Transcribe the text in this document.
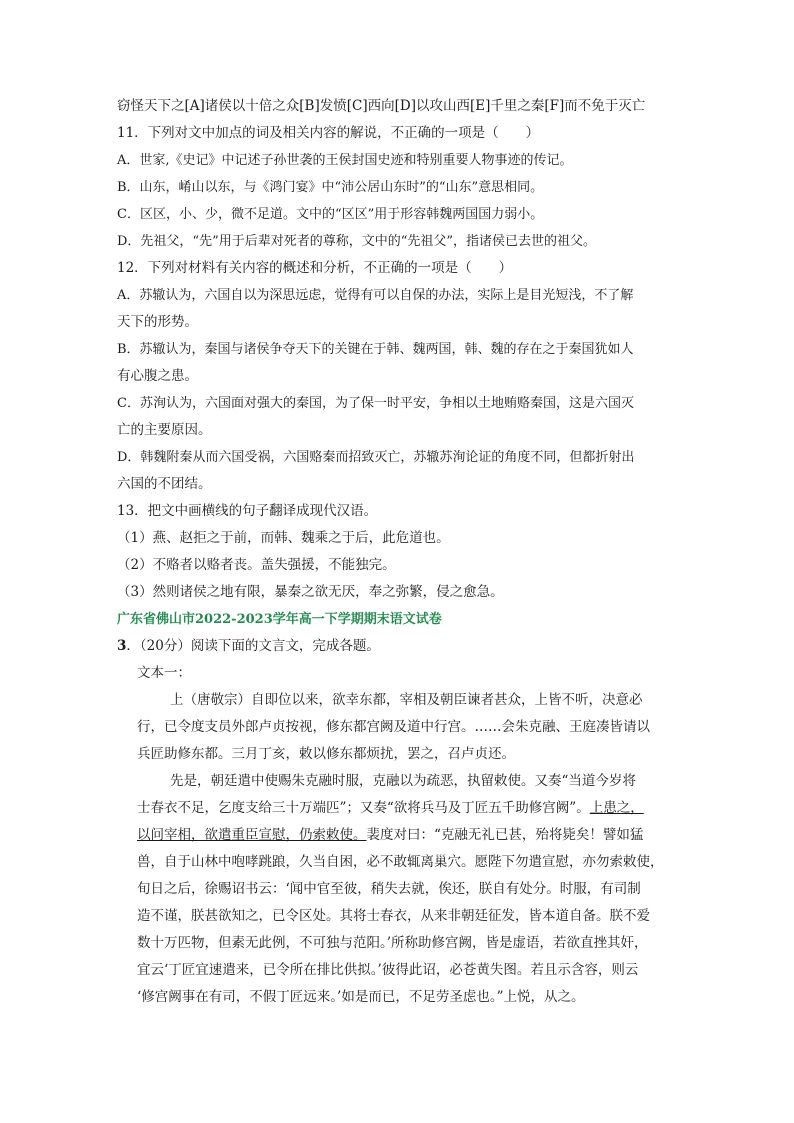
窃怪天下之[A]诸侯以十倍之众[B]发愤[C]西向[D]以攻山西[E]千里之秦[F]而不免于灭亡
11．下列对文中加点的词及相关内容的解说，不正确的一项是（　　）
A．世家,《史记》中记述子孙世袭的王侯封国史迹和特别重要人物事迹的传记。
B．山东，崤山以东，与《鸿门宴》中“沛公居山东时”的“山东”意思相同。
C．区区，小、少，微不足道。文中的“区区”用于形容韩魏两国国力弱小。
D．先祖父，“先”用于后辈对死者的尊称，文中的“先祖父”，指诸侯已去世的祖父。
12．下列对材料有关内容的概述和分析，不正确的一项是（　　）
A．苏辙认为，六国自以为深思远虑，觉得有可以自保的办法，实际上是目光短浅，不了解
天下的形势。
B．苏辙认为，秦国与诸侯争夺天下的关键在于韩、魏两国，韩、魏的存在之于秦国犹如人
有心腹之患。
C．苏洵认为，六国面对强大的秦国，为了保一时平安，争相以土地贿赂秦国，这是六国灭
亡的主要原因。
D．韩魏附秦从而六国受祸，六国赂秦而招致灭亡，苏辙苏洵论证的角度不同，但都折射出
六国的不团结。
13．把文中画横线的句子翻译成现代汉语。
（1）燕、赵拒之于前，而韩、魏乘之于后，此危道也。
（2）不赂者以赂者丧。盖失强援，不能独完。
（3）然则诸侯之地有限，暴秦之欲无厌，奉之弥繁，侵之愈急。
广东省佛山市2022-2023学年高一下学期期末语文试卷
3．（20分）阅读下面的文言文，完成各题。
文本一：
上（唐敬宗）自即位以来，欲幸东都，宰相及朝臣谏者甚众，上皆不听，决意必
行，已令度支员外郎卢贞按视，修东都宫阙及道中行宫。……会朱克融、王庭凑皆请以
兵匠助修东都。三月丁亥，敕以修东都烦扰，罢之，召卢贞还。
先是，朝廷遣中使赐朱克融时服，克融以为疏恶，执留敕使。又奏“当道今岁将
士春衣不足，乞度支给三十万端匹”；又奏“欲将兵马及丁匠五千助修宫阙”。上患之，
以问宰相，欲遣重臣宣慰，仍索敕使。裴度对曰：“克融无礼已甚，殆将毙矣！譬如猛
兽，自于山林中咆哮跳踉，久当自困，必不敢辄离巢穴。愿陛下勿遣宣慰，亦勿索敕使，
旬日之后，徐赐诏书云：‘闻中官至彼，稍失去就，俟还，朕自有处分。时服，有司制
造不谨，朕甚欲知之，已令区处。其将士春衣，从来非朝廷征发，皆本道自备。朕不爱
数十万匹物，但素无此例，不可独与范阳。’所称助修宫阙，皆是虚语，若欲直挫其奸，
宜云‘丁匠宜速遣来，已令所在排比供拟。’彼得此诏，必苍黄失图。若且示含容，则云
‘修宫阙事在有司，不假丁匠远来。’如是而已，不足劳圣虑也。”上悦，从之。
